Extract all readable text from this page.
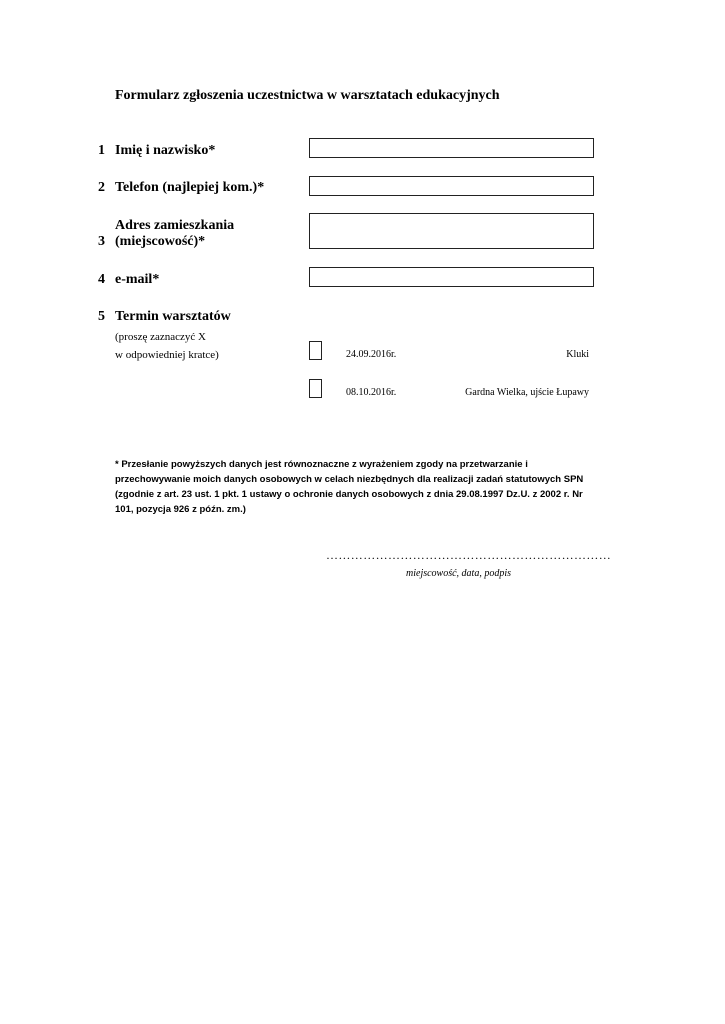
Formularz zgłoszenia uczestnictwa w warsztatach edukacyjnych
1 Imię i nazwisko*
2 Telefon (najlepiej kom.)*
Adres zamieszkania
3 (miejscowość)*
4 e-mail*
5 Termin warsztatów
(proszę zaznaczyć X
w odpowiedniej kratce)	24.09.2016r.	Kluki
08.10.2016r.	Gardna Wielka, ujście Łupawy
* Przesłanie powyższych danych jest równoznaczne z wyrażeniem zgody na przetwarzanie i przechowywanie moich danych osobowych w celach niezbędnych dla realizacji zadań statutowych SPN (zgodnie z art. 23 ust. 1 pkt. 1 ustawy o ochronie danych osobowych z dnia 29.08.1997 Dz.U. z 2002 r. Nr 101, pozycja 926 z późn. zm.)
……………………………………………………………
miejscowość, data, podpis
